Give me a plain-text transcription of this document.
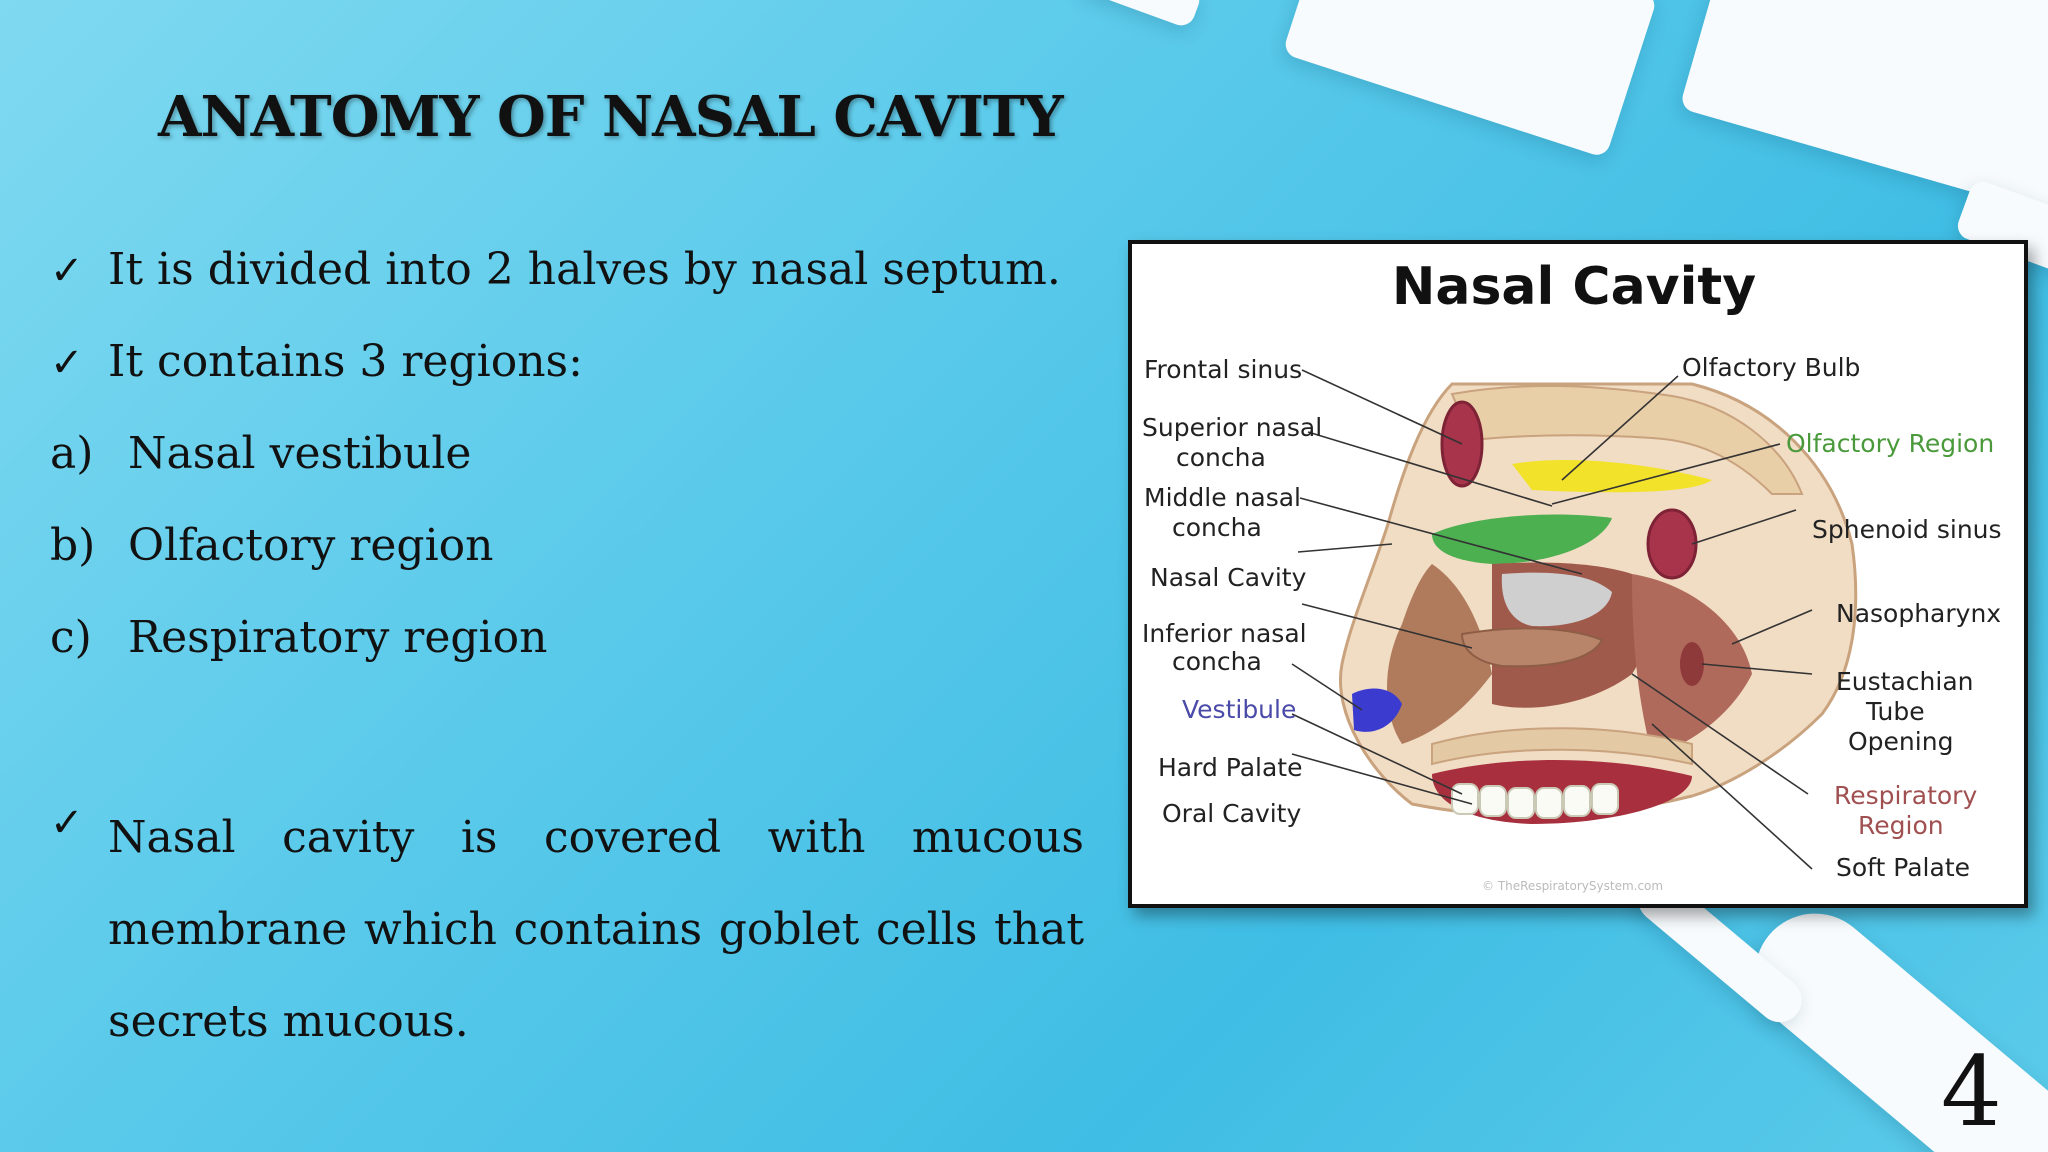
ANATOMY OF NASAL CAVITY
✓ It is divided into 2 halves by nasal septum.
✓ It contains 3 regions:
a) Nasal vestibule
b) Olfactory region
c) Respiratory region
✓ Nasal cavity is covered with mucous membrane which contains goblet cells that secrets mucous.

Nasal Cavity
Frontal sinus
Superior nasal
concha
Middle nasal
concha
Nasal Cavity
Inferior nasal
concha
Vestibule
Hard Palate
Oral Cavity
Olfactory Bulb
Olfactory Region
Sphenoid sinus
Nasopharynx
Eustachian
Tube
Opening
Respiratory
Region
Soft Palate
© TheRespiratorySystem.com
4
